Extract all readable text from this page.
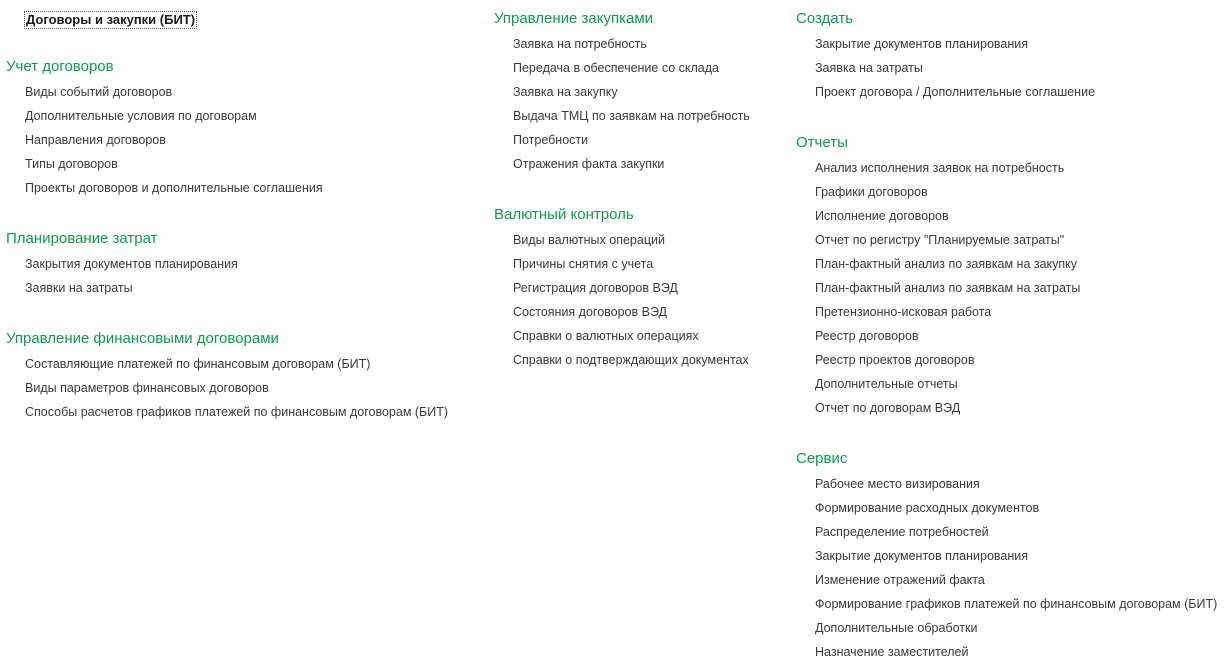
Договоры и закупки (БИТ)
Учет договоров
Виды событий договоров
Дополнительные условия по договорам
Направления договоров
Типы договоров
Проекты договоров и дополнительные соглашения
Планирование затрат
Закрытия документов планирования
Заявки на затраты
Управление финансовыми договорами
Составляющие платежей по финансовым договорам (БИТ)
Виды параметров финансовых договоров
Способы расчетов графиков платежей по финансовым договорам (БИТ)
Управление закупками
Заявка на потребность
Передача в обеспечение со склада
Заявка на закупку
Выдача ТМЦ по заявкам на потребность
Потребности
Отражения факта закупки
Валютный контроль
Виды валютных операций
Причины снятия с учета
Регистрация договоров ВЭД
Состояния договоров ВЭД
Справки о валютных операциях
Справки о подтверждающих документах
Создать
Закрытие документов планирования
Заявка на затраты
Проект договора / Дополнительные соглашение
Отчеты
Анализ исполнения заявок на потребность
Графики договоров
Исполнение договоров
Отчет по регистру "Планируемые затраты"
План-фактный анализ по заявкам на закупку
План-фактный анализ по заявкам на затраты
Претензионно-исковая работа
Реестр договоров
Реестр проектов договоров
Дополнительные отчеты
Отчет по договорам ВЭД
Сервис
Рабочее место визирования
Формирование расходных документов
Распределение потребностей
Закрытие документов планирования
Изменение отражений факта
Формирование графиков платежей по финансовым договорам (БИТ)
Дополнительные обработки
Назначение заместителей
